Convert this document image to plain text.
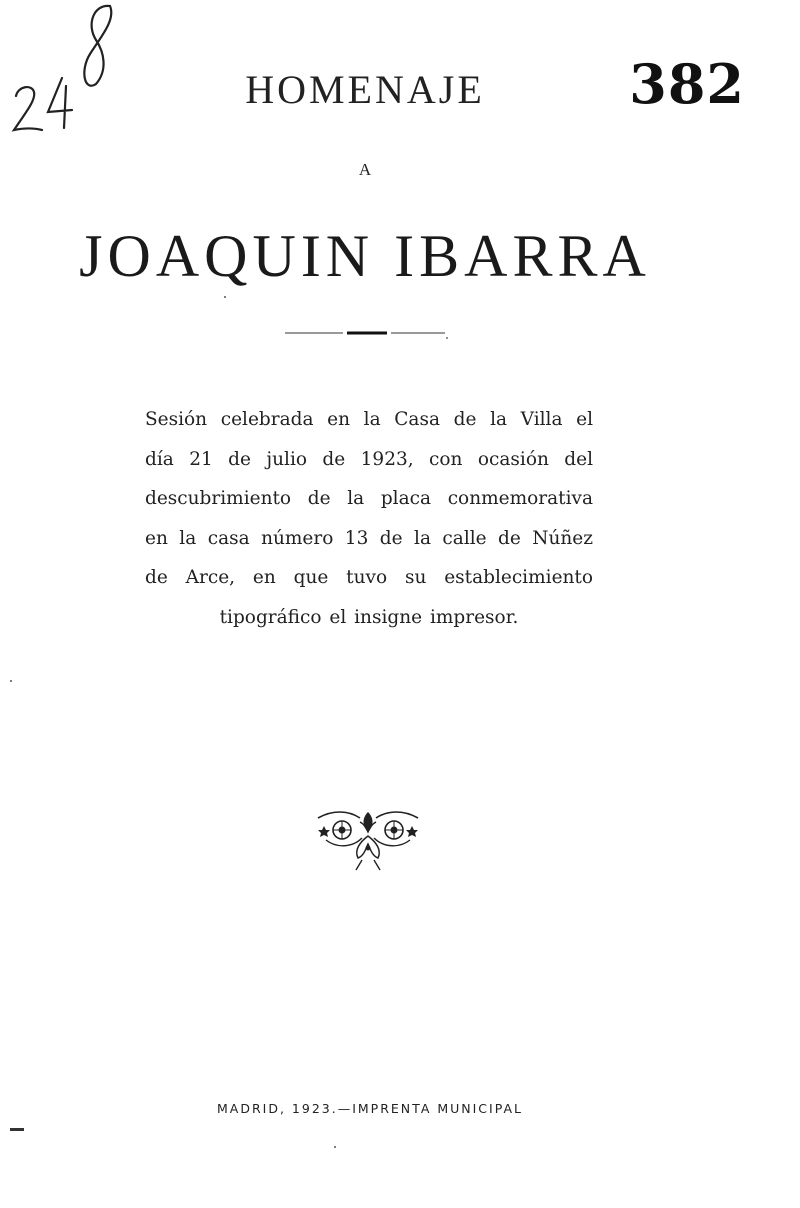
382
HOMENAJE
A
JOAQUIN IBARRA
Sesión celebrada en la Casa de la Villa el
día 21 de julio de 1923, con ocasión del
descubrimiento de la placa conmemorativa
en la casa número 13 de la calle de Núñez
de Arce, en que tuvo su establecimiento
tipográfico el insigne impresor.
MADRID, 1923.—IMPRENTA MUNICIPAL
